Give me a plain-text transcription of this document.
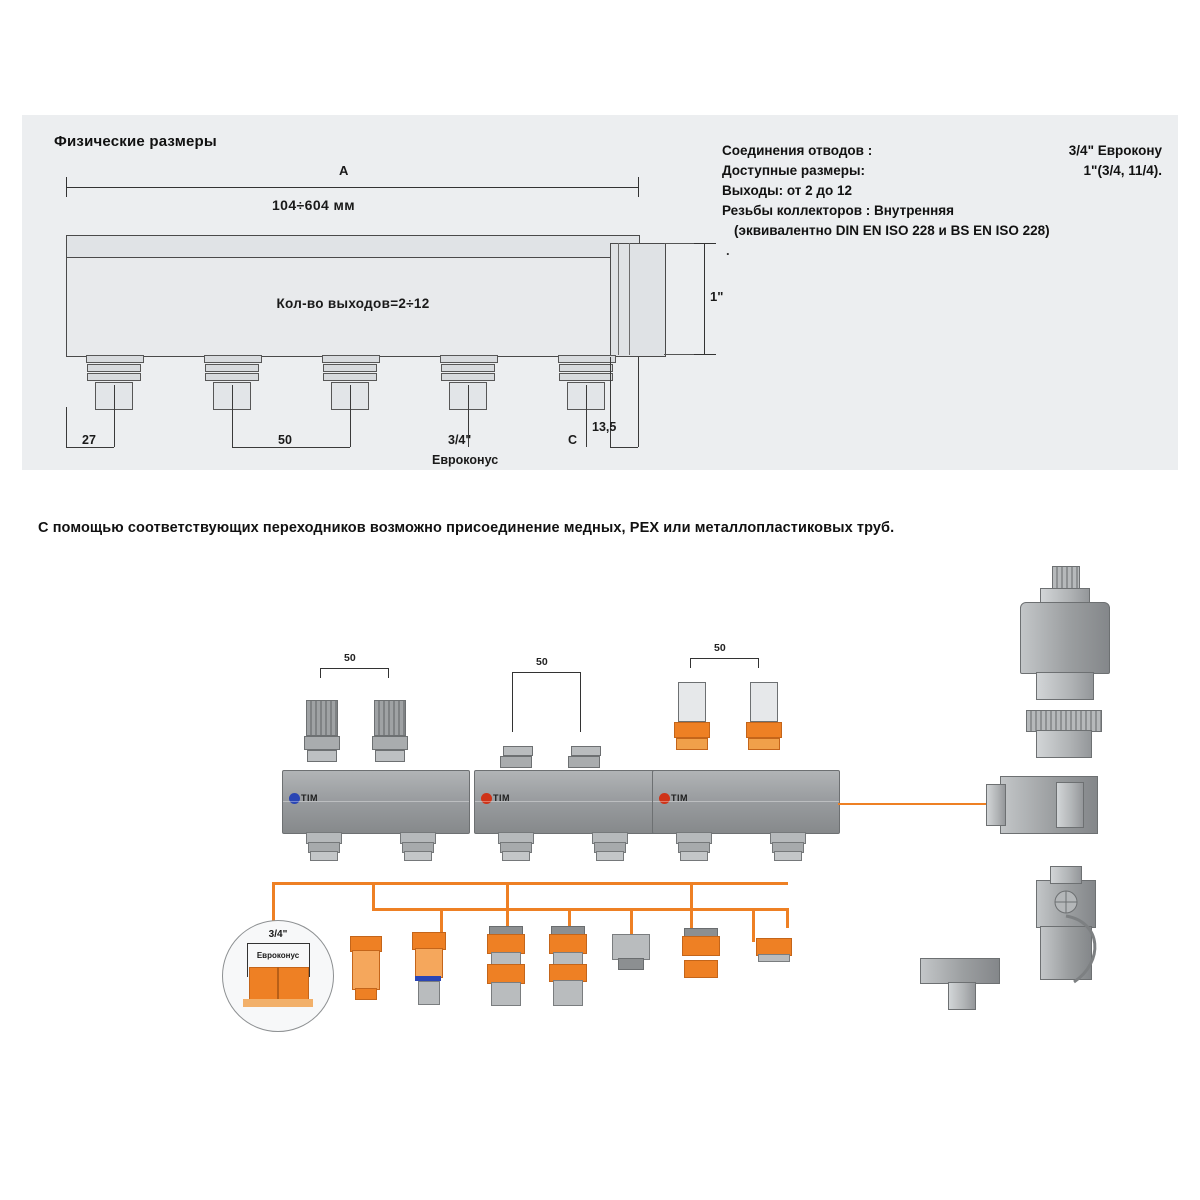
Физические размеры
A
104÷604 мм
Кол-во выходов=2÷12	1"
27	50	3/4"
Евроконус
C
13,5
Соединения отводов :	3/4" Еврокону
Доступные размеры:	1"(3/4, 11/4).
Выходы: от 2 до 12
Резьбы коллекторов : Внутренняя
(эквивалентно DIN EN ISO 228 и BS EN ISO 228)
.
С помощью соответствующих переходников возможно присоединение медных, PEX или металлопластиковых труб.
50
TIM
50
TIM
50
TIM
3/4"
Евроконус
